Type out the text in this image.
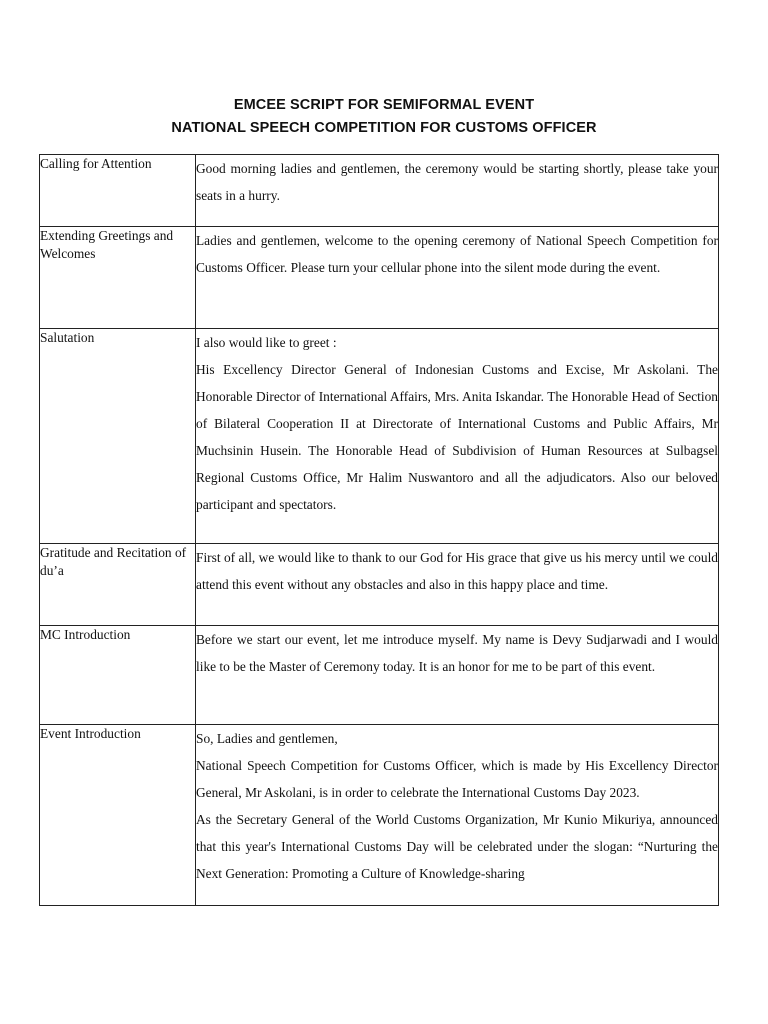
EMCEE SCRIPT FOR SEMIFORMAL EVENT
NATIONAL SPEECH COMPETITION FOR CUSTOMS OFFICER
Calling for Attention	Good morning ladies and gentlemen, the ceremony would be starting shortly, please take your seats in a hurry.

Extending Greetings and Welcomes	Ladies and gentlemen, welcome to the opening ceremony of National Speech Competition for Customs Officer. Please turn your cellular phone into the silent mode during the event.

Salutation	I also would like to greet :
His Excellency Director General of Indonesian Customs and Excise, Mr Askolani. The Honorable Director of International Affairs, Mrs. Anita Iskandar. The Honorable Head of Section of Bilateral Cooperation II at Directorate of International Customs and Public Affairs, Mr Muchsinin Husein. The Honorable Head of Subdivision of Human Resources at Sulbagsel Regional Customs Office, Mr Halim Nuswantoro and all the adjudicators. Also our beloved participant and spectators.

Gratitude and Recitation of du’a	First of all, we would like to thank to our God for His grace that give us his mercy until we could attend this event without any obstacles and also in this happy place and time.

MC Introduction	Before we start our event, let me introduce myself. My name is Devy Sudjarwadi and I would like to be the Master of Ceremony today. It is an honor for me to be part of this event.

Event Introduction	So, Ladies and gentlemen,
National Speech Competition for Customs Officer, which is made by His Excellency Director General, Mr Askolani, is in order to celebrate the International Customs Day 2023.
As the Secretary General of the World Customs Organization, Mr Kunio Mikuriya, announced that this year's International Customs Day will be celebrated under the slogan: “Nurturing the Next Generation: Promoting a Culture of Knowledge-sharing
